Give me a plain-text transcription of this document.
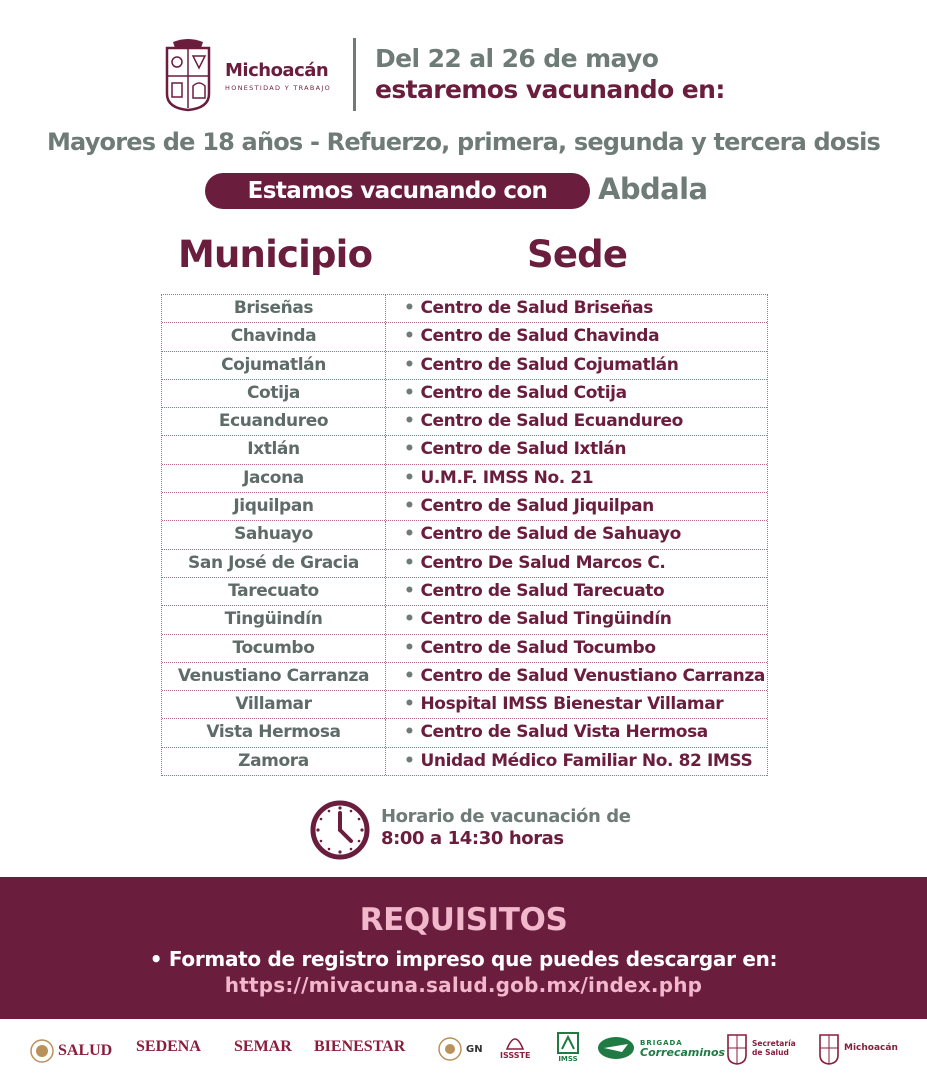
Michoacán
HONESTIDAD Y TRABAJO
Del 22 al 26 de mayo
estaremos vacunando en:
Mayores de 18 años - Refuerzo, primera, segunda y tercera dosis
Estamos vacunando con	Abdala
Municipio	Sede
Briseñas	• Centro de Salud Briseñas
Chavinda	• Centro de Salud Chavinda
Cojumatlán	• Centro de Salud Cojumatlán
Cotija	• Centro de Salud Cotija
Ecuandureo	• Centro de Salud Ecuandureo
Ixtlán	• Centro de Salud Ixtlán
Jacona	• U.M.F. IMSS No. 21
Jiquilpan	• Centro de Salud Jiquilpan
Sahuayo	• Centro de Salud de Sahuayo
San José de Gracia	• Centro De Salud Marcos C.
Tarecuato	• Centro de Salud Tarecuato
Tingüindín	• Centro de Salud Tingüindín
Tocumbo	• Centro de Salud Tocumbo
Venustiano Carranza	• Centro de Salud Venustiano Carranza
Villamar	• Hospital IMSS Bienestar Villamar
Vista Hermosa	• Centro de Salud Vista Hermosa
Zamora	• Unidad Médico Familiar No. 82 IMSS
Horario de vacunación de
8:00 a 14:30 horas
REQUISITOS
• Formato de registro impreso que puedes descargar en:
https://mivacuna.salud.gob.mx/index.php
SALUD SEDENA SEMAR BIENESTAR	GN
ISSSTE	IMSS
BRIGADA
Correcaminos
Secretaría
de Salud	Michoacán
